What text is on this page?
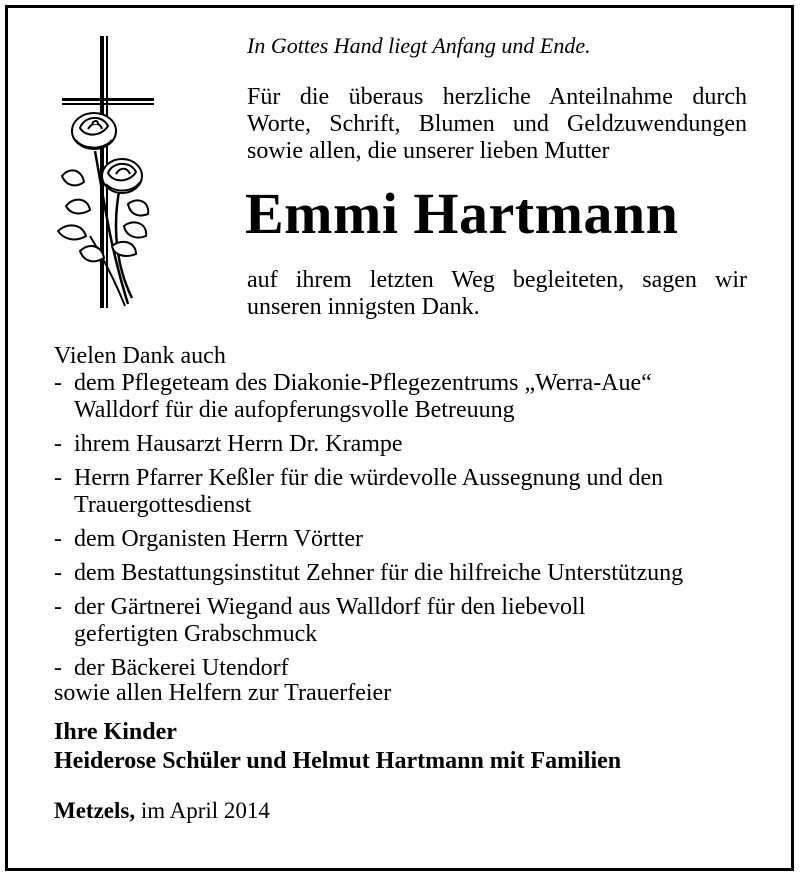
In Gottes Hand liegt Anfang und Ende.
Für die überaus herzliche Anteilnahme durch
Worte, Schrift, Blumen und Geldzuwendungen
sowie allen, die unserer lieben Mutter
Emmi Hartmann
auf ihrem letzten Weg begleiteten, sagen wir
unseren innigsten Dank.
Vielen Dank auch
- dem Pflegeteam des Diakonie-Pflegezentrums „Werra-Aue“
Walldorf für die aufopferungsvolle Betreuung
- ihrem Hausarzt Herrn Dr. Krampe
- Herrn Pfarrer Keßler für die würdevolle Aussegnung und den
Trauergottesdienst
- dem Organisten Herrn Vörtter
- dem Bestattungsinstitut Zehner für die hilfreiche Unterstützung
- der Gärtnerei Wiegand aus Walldorf für den liebevoll
gefertigten Grabschmuck
- der Bäckerei Utendorf
sowie allen Helfern zur Trauerfeier
Ihre Kinder
Heiderose Schüler und Helmut Hartmann mit Familien
Metzels, im April 2014
